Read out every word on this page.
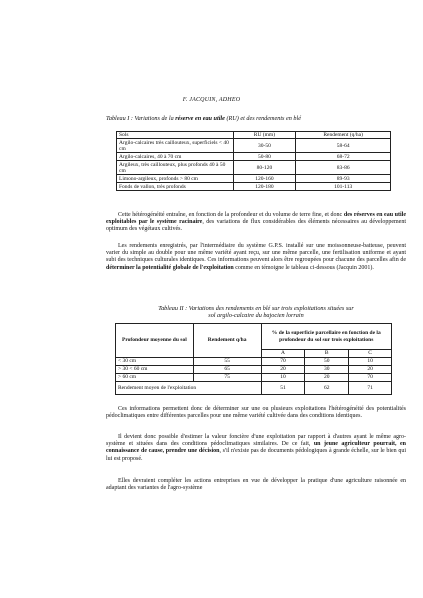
F. JACQUIN, ADHEO
Tableau I : Variations de la réserve en eau utile (RU) et des rendements en blé
Sols	RU (mm)	Rendement (q/ha)
Argilo-calcaires très caillouteux, superficiels < 40 cm	30-50	58-64
Argilo-calcaires, 40 à 70 cm	50-80	68-72
Argileux, très caillouteux, plus profonds 40 à 50 cm	80-120	83-86
Limono-argileux, profonds > 80 cm	120-160	89-93
Fonds de vallon, très profonds	120-180	101-113

Cette hétérogénéité entraîne, en fonction de la profondeur et du volume de terre fine, et donc des réserves en eau utile exploitables par le système racinaire, des variations de flux considérables des éléments nécessaires au développement optimum des végétaux cultivés.

Les rendements enregistrés, par l'intermédiaire du système G.P.S. installé sur une moissonneuse-batteuse, peuvent varier du simple au double pour une même variété ayant reçu, sur une même parcelle, une fertilisation uniforme et ayant subi des techniques culturales identiques. Ces informations peuvent alors être regroupées pour chacune des parcelles afin de déterminer la potentialité globale de l'exploitation comme en témoigne le tableau ci-dessous (Jacquin 2001).

Tableau II : Variations des rendements en blé sur trois exploitations situées sur
sol argilo-calcaire du bajocien lorrain
Profondeur moyenne du sol	Rendement q/ha	% de la superficie parcellaire en fonction de la profondeur du sol sur trois exploitations		
		A	B	C
< 30 cm	55	70	50	10
> 30 < 60 cm	65	20	30	20
> 60 cm	75	10	20	70
Rendement moyen de l'exploitation		51	62	71

Ces informations permettent donc de déterminer sur une ou plusieurs exploitations l'hétérogénéité des potentialités pédoclimatiques entre différentes parcelles pour une même variété cultivée dans des conditions identiques.

Il devient donc possible d'estimer la valeur foncière d'une exploitation par rapport à d'autres ayant le même agro-système et situées dans des conditions pédoclimatiques similaires. De ce fait, un jeune agriculteur pourrait, en connaissance de cause, prendre une décision, s'il n'existe pas de documents pédologiques à grande échelle, sur le bien qui lui est proposé.

Elles devraient compléter les actions entreprises en vue de développer la pratique d'une agriculture raisonnée en adaptant des variantes de l'agro-système
